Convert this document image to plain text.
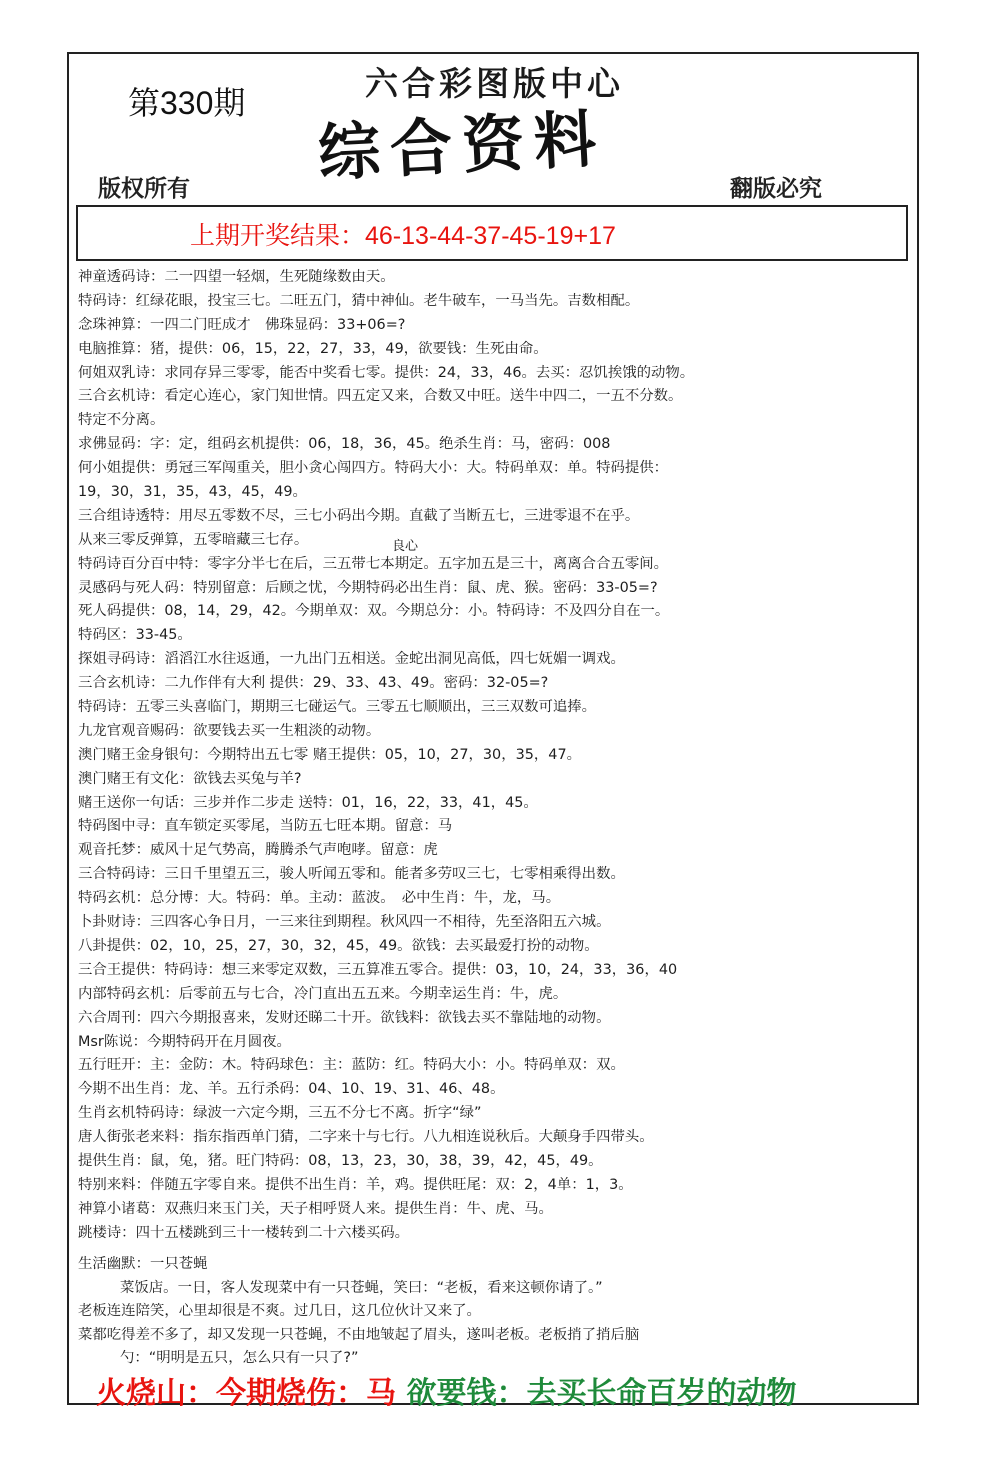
第330期	六合彩图版中心
综合资料
版权所有	翻版必究
上期开奖结果：46-13-44-37-45-19+17
神童透码诗：二一四望一轻烟，生死随缘数由天。
特码诗：红绿花眼，投宝三七。二旺五门，猜中神仙。老牛破车，一马当先。吉数相配。
念珠神算：一四二门旺成才　佛珠显码：33+06=?
电脑推算：猪，提供：06，15，22，27，33，49，欲要钱：生死由命。
何姐双乳诗：求同存异三零零，能否中奖看七零。提供：24，33，46。去买：忍饥挨饿的动物。
三合玄机诗：看定心连心，家门知世情。四五定又来，合数又中旺。送牛中四二，一五不分数。
特定不分离。
求佛显码：字：定，组码玄机提供：06，18，36，45。绝杀生肖：马，密码：008
何小姐提供：勇冠三军闯重关，胆小贪心闯四方。特码大小：大。特码单双：单。特码提供：
19，30，31，35，43，45，49。
三合组诗透特：用尽五零数不尽，三七小码出今期。直截了当断五七，三进零退不在乎。
从来三零反弹算，五零暗藏三七存。
特码诗百分百中特：零字分半七在后，三五带七本期定。五字加五是三十，离离合合五零间。
灵感码与死人码：特别留意：后顾之忧，今期特码必出生肖：鼠、虎、猴。密码：33-05=?
死人码提供：08，14，29，42。今期单双：双。今期总分：小。特码诗：不及四分自在一。
特码区：33-45。
探姐寻码诗：滔滔江水往返通，一九出门五相送。金蛇出洞见高低，四七妩媚一调戏。
三合玄机诗：二九作伴有大利 提供：29、33、43、49。密码：32-05=?
特码诗：五零三头喜临门，期期三七碰运气。三零五七顺顺出，三三双数可追捧。
九龙官观音赐码：欲要钱去买一生粗淡的动物。
澳门赌王金身银句：今期特出五七零 赌王提供：05，10，27，30，35，47。
澳门赌王有文化：欲钱去买兔与羊?
赌王送你一句话：三步并作二步走 送特：01，16，22，33，41，45。
特码图中寻：直车锁定买零尾，当防五七旺本期。留意：马
观音托梦：威风十足气势高，腾腾杀气声咆哮。留意：虎
三合特码诗：三日千里望五三，骏人听闻五零和。能者多劳叹三七，七零相乘得出数。
特码玄机：总分博：大。特码：单。主动：蓝波。　必中生肖：牛，龙，马。
卜卦财诗：三四客心争日月，一三来往到期程。秋风四一不相待，先至洛阳五六城。
八卦提供：02，10，25，27，30，32，45，49。欲钱：去买最爱打扮的动物。
三合王提供：特码诗：想三来零定双数，三五算准五零合。提供：03，10，24，33，36，40
内部特码玄机：后零前五与七合，冷门直出五五来。今期幸运生肖：牛，虎。
六合周刊：四六今期报喜来，发财还睇二十开。欲钱料：欲钱去买不靠陆地的动物。
Msr陈说：今期特码开在月圆夜。
五行旺开：主：金防：木。特码球色：主：蓝防：红。特码大小：小。特码单双：双。
今期不出生肖：龙、羊。五行杀码：04、10、19、31、46、48。
生肖玄机特码诗：绿波一六定今期，三五不分七不离。折字“绿”
唐人街张老来料：指东指西单门猜，二字来十与七行。八九相连说秋后。大颠身手四带头。
提供生肖：鼠，兔，猪。旺门特码：08，13，23，30，38，39，42，45，49。
特别来料：伴随五字零自来。提供不出生肖：羊，鸡。提供旺尾：双：2，4单：1，3。
神算小诸葛：双燕归来玉门关，天子相呼贤人来。提供生肖：牛、虎、马。
跳楼诗：四十五楼跳到三十一楼转到二十六楼买码。
良心
生活幽默：一只苍蝇
菜饭店。一日，客人发现菜中有一只苍蝇，笑曰：“老板，看来这顿你请了。”
老板连连陪笑，心里却很是不爽。过几日，这几位伙计又来了。
菜都吃得差不多了，却又发现一只苍蝇，不由地皱起了眉头，遂叫老板。老板捎了捎后脑
勺：“明明是五只，怎么只有一只了?”
火烧山：今期烧伤：马 欲要钱：去买长命百岁的动物
